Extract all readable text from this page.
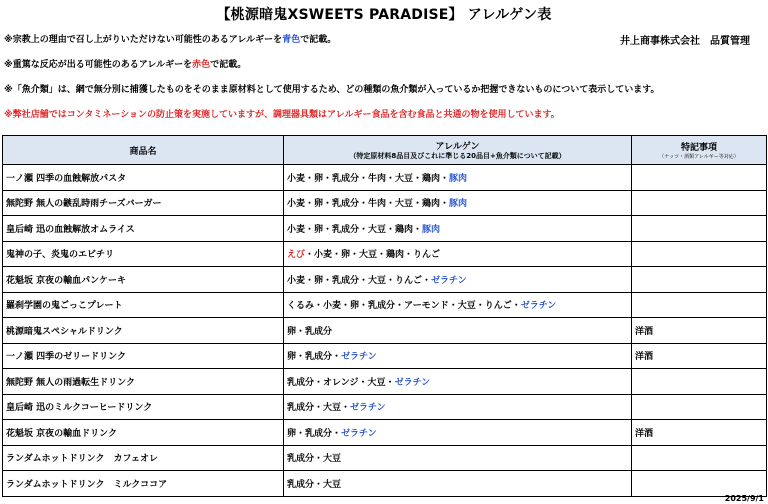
【桃源暗鬼XSWEETS PARADISE】 アレルゲン表
※宗教上の理由で召し上がりいただけない可能性のあるアレルギーを青色で記載。	井上商事株式会社 品質管理
※重篤な反応が出る可能性のあるアレルギーを赤色で記載。
※「魚介類」は、網で無分別に捕獲したものをそのまま原材料として使用するため、どの種類の魚介類が入っているか把握できないものについて表示しています。
※弊社店舗ではコンタミネーションの防止策を実施していますが、調理器具類はアレルギー食品を含む食品と共通の物を使用しています。
商品名	アレルゲン
（特定原材料8品目及びこれに準じる20品目+魚介類について記載）	特記事項
（ナッツ・酒類アレルギー等対応）

一ノ瀬 四季の血蝕解放パスタ	小麦・卵・乳成分・牛肉・大豆・鶏肉・豚肉	
無陀野 無人の鏃乱時雨チーズバーガー	小麦・卵・乳成分・牛肉・大豆・鶏肉・豚肉	
皇后崎 迅の血蝕解放オムライス	小麦・卵・乳成分・大豆・鶏肉・豚肉	
鬼神の子、炎鬼のエビチリ	えび・小麦・卵・大豆・鶏肉・りんご	
花魁坂 京夜の輸血パンケーキ	小麦・卵・乳成分・大豆・りんご・ゼラチン	
羅刹学園の鬼ごっこプレート	くるみ・小麦・卵・乳成分・アーモンド・大豆・りんご・ゼラチン	
桃源暗鬼スペシャルドリンク	卵・乳成分	洋酒
一ノ瀬 四季のゼリードリンク	卵・乳成分・ゼラチン	洋酒
無陀野 無人の雨過転生ドリンク	乳成分・オレンジ・大豆・ゼラチン	
皇后崎 迅のミルクコーヒードリンク	乳成分・大豆・ゼラチン	
花魁坂 京夜の輸血ドリンク	卵・乳成分・ゼラチン	洋酒
ランダムホットドリンク　カフェオレ	乳成分・大豆	
ランダムホットドリンク　ミルクココア	乳成分・大豆	
2025/9/1
